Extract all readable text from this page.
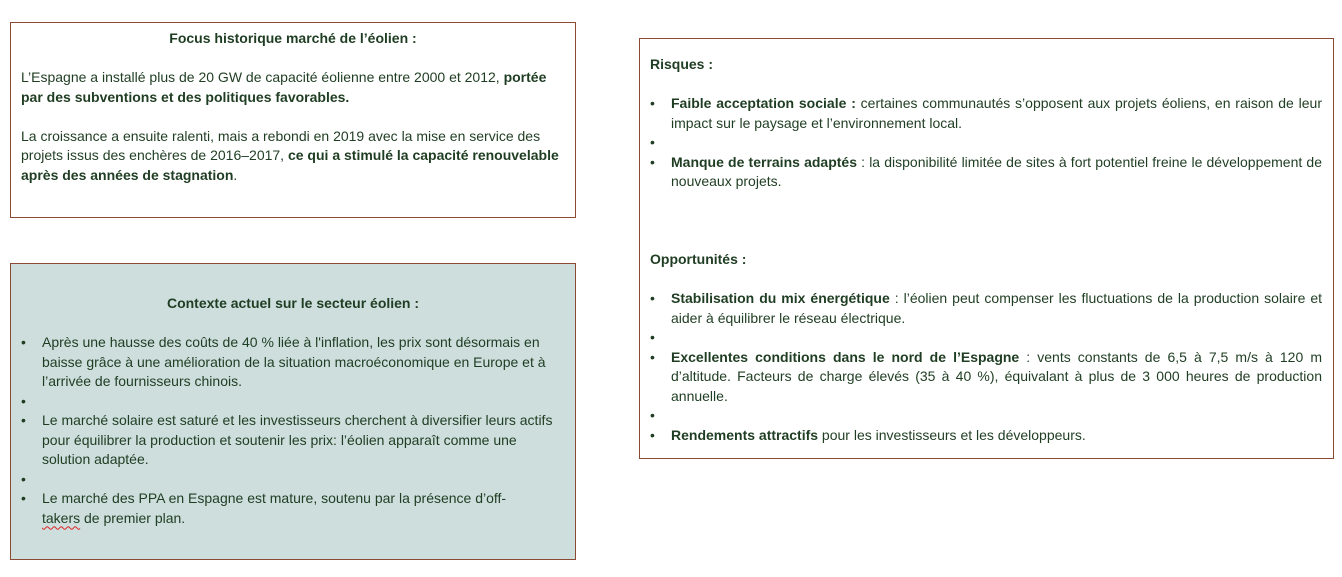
Focus historique marché de l’éolien :

L’Espagne a installé plus de 20 GW de capacité éolienne entre 2000 et 2012, portée par des subventions et des politiques favorables.

La croissance a ensuite ralenti, mais a rebondi en 2019 avec la mise en service des projets issus des enchères de 2016–2017, ce qui a stimulé la capacité renouvelable après des années de stagnation.

Contexte actuel sur le secteur éolien :

• Après une hausse des coûts de 40 % liée à l'inflation, les prix sont désormais en baisse grâce à une amélioration de la situation macroéconomique en Europe et à l’arrivée de fournisseurs chinois.
•
• Le marché solaire est saturé et les investisseurs cherchent à diversifier leurs actifs pour équilibrer la production et soutenir les prix: l’éolien apparaît comme une solution adaptée.
•
• Le marché des PPA en Espagne est mature, soutenu par la présence d’off-
takers de premier plan.

Risques :

• Faible acceptation sociale : certaines communautés s’opposent aux projets éoliens, en raison de leur impact sur le paysage et l’environnement local.
•
• Manque de terrains adaptés : la disponibilité limitée de sites à fort potentiel freine le développement de nouveaux projets.

Opportunités :

• Stabilisation du mix énergétique : l’éolien peut compenser les fluctuations de la production solaire et aider à équilibrer le réseau électrique.
•
• Excellentes conditions dans le nord de l’Espagne : vents constants de 6,5 à 7,5 m/s à 120 m d’altitude. Facteurs de charge élevés (35 à 40 %), équivalant à plus de 3 000 heures de production annuelle.
•
• Rendements attractifs pour les investisseurs et les développeurs.
